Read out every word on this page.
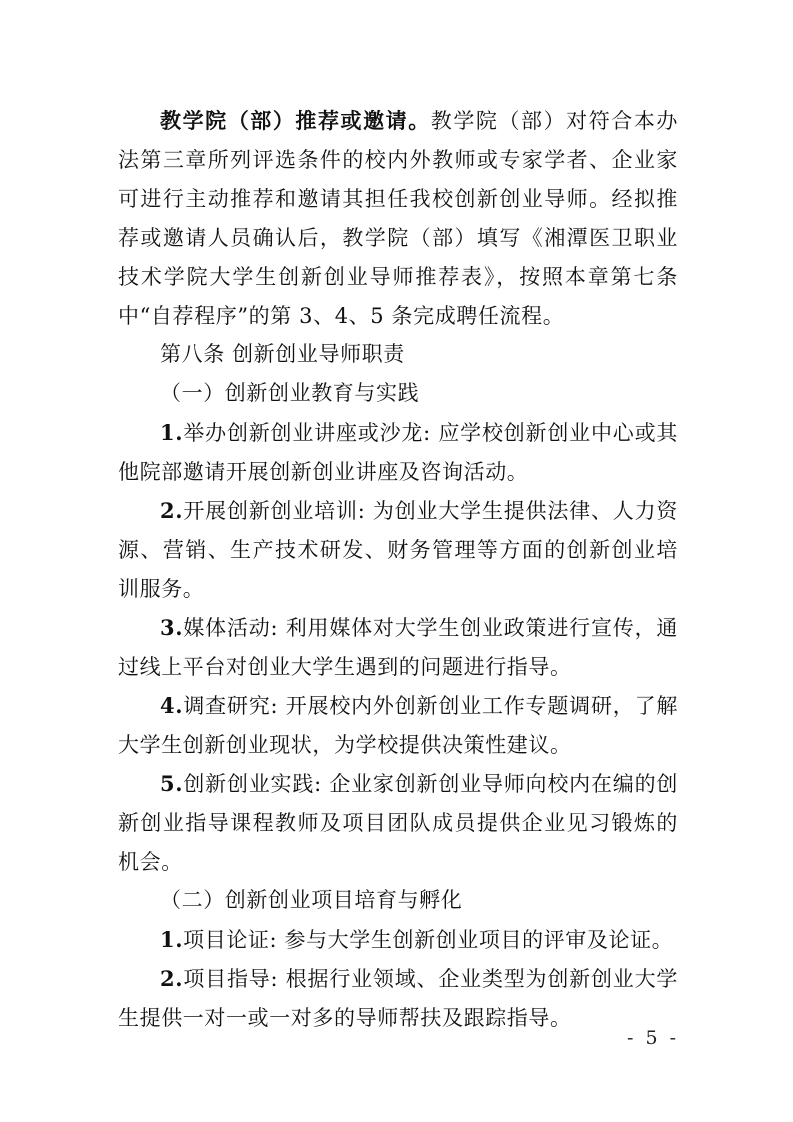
教学院（部）推荐或邀请。教学院（部）对符合本办法第三章所列评选条件的校内外教师或专家学者、企业家可进行主动推荐和邀请其担任我校创新创业导师。经拟推荐或邀请人员确认后，教学院（部）填写《湘潭医卫职业技术学院大学生创新创业导师推荐表》，按照本章第七条中“自荐程序”的第 3、4、5 条完成聘任流程。

第八条 创新创业导师职责

（一）创新创业教育与实践

1.举办创新创业讲座或沙龙: 应学校创新创业中心或其他院部邀请开展创新创业讲座及咨询活动。

2.开展创新创业培训: 为创业大学生提供法律、人力资源、营销、生产技术研发、财务管理等方面的创新创业培训服务。

3.媒体活动: 利用媒体对大学生创业政策进行宣传，通过线上平台对创业大学生遇到的问题进行指导。

4.调查研究: 开展校内外创新创业工作专题调研，了解大学生创新创业现状，为学校提供决策性建议。

5.创新创业实践: 企业家创新创业导师向校内在编的创新创业指导课程教师及项目团队成员提供企业见习锻炼的机会。

（二）创新创业项目培育与孵化

1.项目论证: 参与大学生创新创业项目的评审及论证。

2.项目指导: 根据行业领域、企业类型为创新创业大学生提供一对一或一对多的导师帮扶及跟踪指导。

- 5 -
